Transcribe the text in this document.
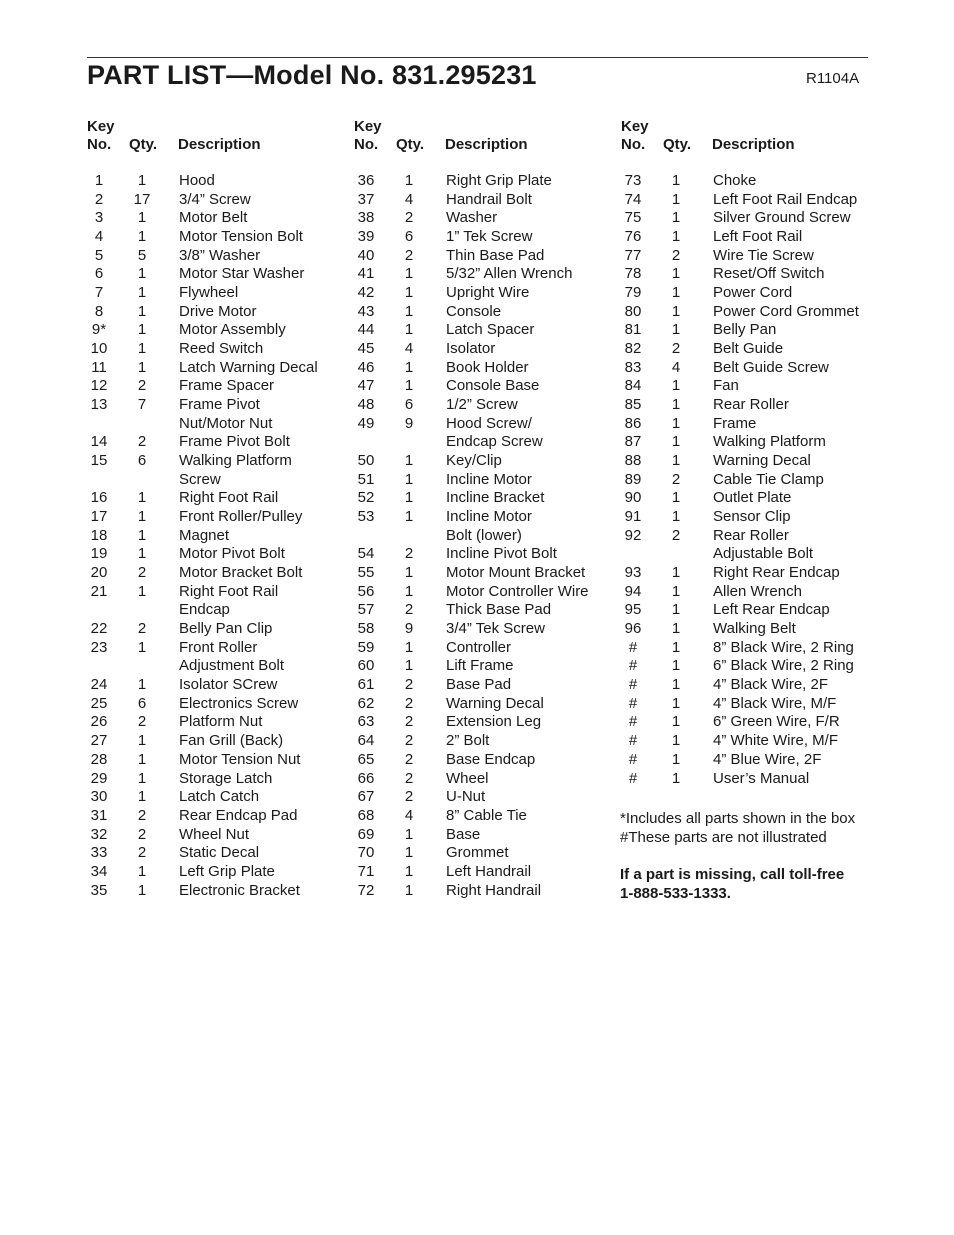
PART LIST—Model No. 831.295231	R1104A
Key
No. Qty. Description
1	1	Hood
2	17 3/4” Screw
3	1	Motor Belt
4	1	Motor Tension Bolt
5	5	3/8” Washer
6	1	Motor Star Washer
7	1	Flywheel
8	1	Drive Motor
9*	1	Motor Assembly
10	1	Reed Switch
11	1	Latch Warning Decal
12	2	Frame Spacer
13	7	Frame Pivot
Nut/Motor Nut
14	2	Frame Pivot Bolt
15	6	Walking Platform
Screw
16	1	Right Foot Rail
17	1	Front Roller/Pulley
18	1	Magnet
19	1	Motor Pivot Bolt
20	2	Motor Bracket Bolt
21	1	Right Foot Rail
Endcap
22	2	Belly Pan Clip
23	1	Front Roller
Adjustment Bolt
24	1	Isolator SCrew
25	6	Electronics Screw
26	2	Platform Nut
27	1	Fan Grill (Back)
28	1	Motor Tension Nut
29	1	Storage Latch
30	1	Latch Catch
31	2	Rear Endcap Pad
32	2	Wheel Nut
33	2	Static Decal
34	1	Left Grip Plate
35	1	Electronic Bracket
Key
No. Qty. Description
36	1	Right Grip Plate
37	4	Handrail Bolt
38	2	Washer
39	6	1” Tek Screw
40	2	Thin Base Pad
41	1	5/32” Allen Wrench
42	1	Upright Wire
43	1	Console
44	1	Latch Spacer
45	4	Isolator
46	1	Book Holder
47	1	Console Base
48	6	1/2” Screw
49	9	Hood Screw/
Endcap Screw
50	1	Key/Clip
51	1	Incline Motor
52	1	Incline Bracket
53	1	Incline Motor
Bolt (lower)
54	2	Incline Pivot Bolt
55	1	Motor Mount Bracket
56	1	Motor Controller Wire
57	2	Thick Base Pad
58	9	3/4” Tek Screw
59	1	Controller
60	1	Lift Frame
61	2	Base Pad
62	2	Warning Decal
63	2	Extension Leg
64	2	2” Bolt
65	2	Base Endcap
66	2	Wheel
67	2	U-Nut
68	4	8” Cable Tie
69	1	Base
70	1	Grommet
71	1	Left Handrail
72	1	Right Handrail
Key
No. Qty. Description
73	1	Choke
74	1	Left Foot Rail Endcap
75	1	Silver Ground Screw
76	1	Left Foot Rail
77	2	Wire Tie Screw
78	1	Reset/Off Switch
79	1	Power Cord
80	1	Power Cord Grommet
81	1	Belly Pan
82	2	Belt Guide
83	4	Belt Guide Screw
84	1	Fan
85	1	Rear Roller
86	1	Frame
87	1	Walking Platform
88	1	Warning Decal
89	2	Cable Tie Clamp
90	1	Outlet Plate
91	1	Sensor Clip
92	2	Rear Roller
Adjustable Bolt
93	1	Right Rear Endcap
94	1	Allen Wrench
95	1	Left Rear Endcap
96	1	Walking Belt
#	1	8” Black Wire, 2 Ring
#	1	6” Black Wire, 2 Ring
#	1	4” Black Wire, 2F
#	1	4” Black Wire, M/F
#	1	6” Green Wire, F/R
#	1	4” White Wire, M/F
#	1	4” Blue Wire, 2F
#	1	User’s Manual
*Includes all parts shown in the box
#These parts are not illustrated
If a part is missing, call toll-free
1-888-533-1333.
